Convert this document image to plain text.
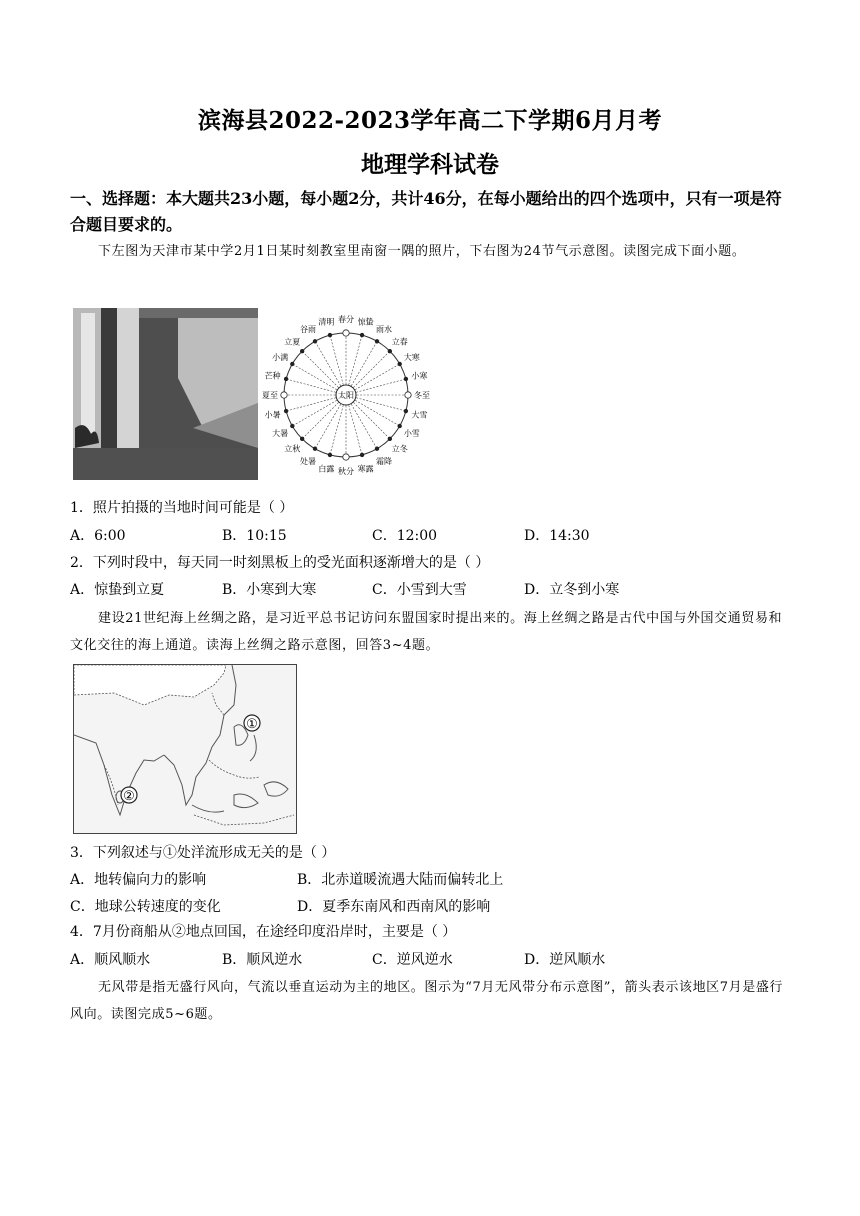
滨海县2022-2023学年高二下学期6月月考
地理学科试卷
一、选择题：本大题共23小题，每小题2分，共计46分，在每小题给出的四个选项中，只有一项是符合题目要求的。
下左图为天津市某中学2月1日某时刻教室里南窗一隅的照片，下右图为24节气示意图。读图完成下面小题。
春分
清明
谷雨
立夏
小满
芒种
夏至
小暑
大暑
立秋
处暑
白露 秋分 寒露
霜降
立冬
小雪
大雪
冬至
小寒
大寒
立春
雨水
惊蛰
太阳
1．照片拍摄的当地时间可能是（ ）
A．6:00	B．10:15	C．12:00	D．14:30
2．下列时段中，每天同一时刻黑板上的受光面积逐渐增大的是（ ）
A．惊蛰到立夏	B．小寒到大寒	C．小雪到大雪	D．立冬到小寒
建设21世纪海上丝绸之路，是习近平总书记访问东盟国家时提出来的。海上丝绸之路是古代中国与外国交通贸易和文化交往的海上通道。读海上丝绸之路示意图，回答3~4题。
①
②
3．下列叙述与①处洋流形成无关的是（ ）
A．地转偏向力的影响	B．北赤道暖流遇大陆而偏转北上
C．地球公转速度的变化	D．夏季东南风和西南风的影响
4．7月份商船从②地点回国，在途经印度沿岸时，主要是（ ）
A．顺风顺水	B．顺风逆水	C．逆风逆水	D．逆风顺水
无风带是指无盛行风向，气流以垂直运动为主的地区。图示为“7月无风带分布示意图”，箭头表示该地区7月是盛行风向。读图完成5~6题。
